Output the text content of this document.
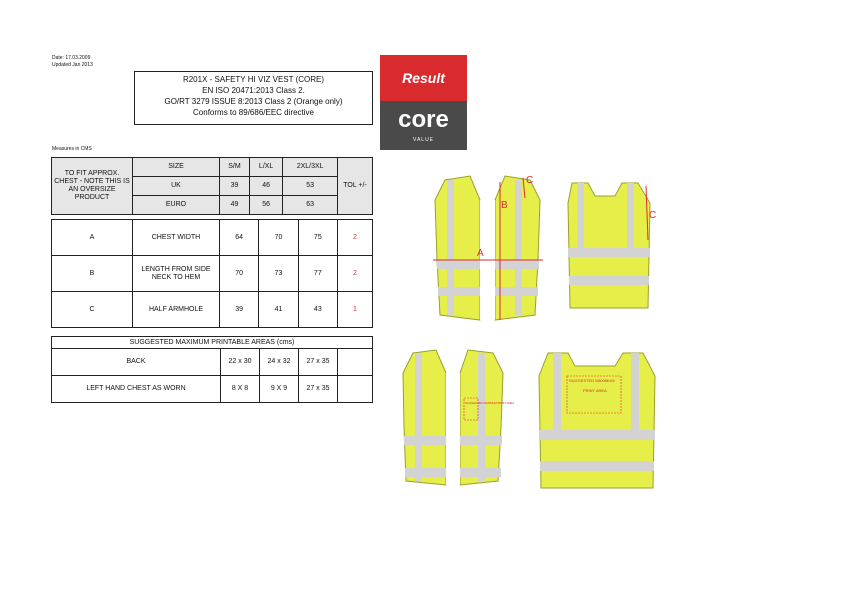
Date: 17.03.2009
Updated Jan 2013
R201X - SAFETY HI VIZ VEST (CORE)
EN ISO 20471:2013 Class 2.
GO/RT 3279 ISSUE 8:2013 Class 2 (Orange only)
Conforms to 89/686/EEC directive
Result
core
VALUE
Measures in CMS
TO FIT APPROX. CHEST - NOTE THIS IS AN OVERSIZE PRODUCT	SIZE	S/M	L/XL	2XL/3XL	TOL +/-
	UK	39	46	53	
	EURO	49	56	63	
A	CHEST WIDTH	64	70	75	2
B	LENGTH FROM SIDE NECK TO HEM	70	73	77	2
C	HALF ARMHOLE	39	41	43	1
SUGGESTED MAXIMUM PRINTABLE AREAS (cms)				
BACK	22 x 30	24 x 32	27 x 35	
LEFT HAND CHEST AS WORN	8 X 8	9 X 9	27 x 35	
A
B
C
C
SUGGESTED MAXIMUM PRINT AREA
SUGGESTED MAXIMUM
PRINT AREA
